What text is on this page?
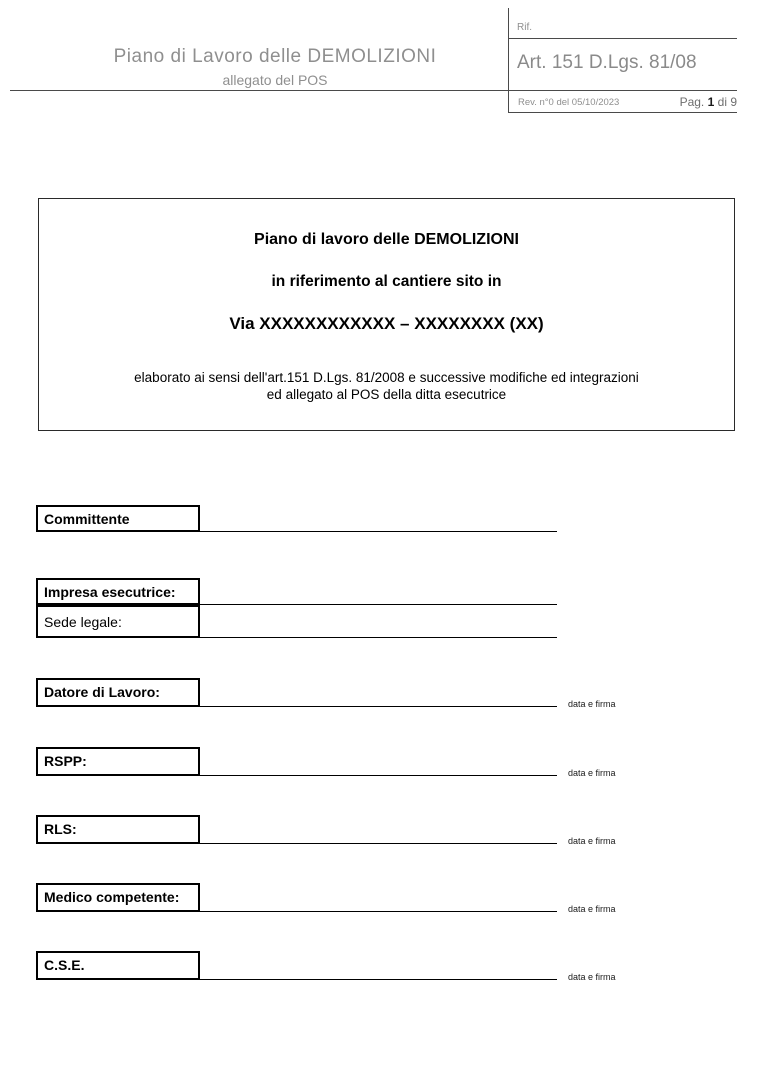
Piano di Lavoro delle DEMOLIZIONI
allegato del POS
Rif.
Art. 151 D.Lgs. 81/08
Rev. n°0 del 05/10/2023	Pag. 1 di 9

Piano di lavoro delle DEMOLIZIONI

in riferimento al cantiere sito in

Via XXXXXXXXXXXX – XXXXXXXX (XX)

elaborato ai sensi dell'art.151 D.Lgs. 81/2008 e successive modifiche ed integrazioni

ed allegato al POS della ditta esecutrice

Committente
Impresa esecutrice:
Sede legale:
Datore di Lavoro:
data e firma
RSPP:
data e firma
RLS:
data e firma
Medico competente:
data e firma
C.S.E.
data e firma
